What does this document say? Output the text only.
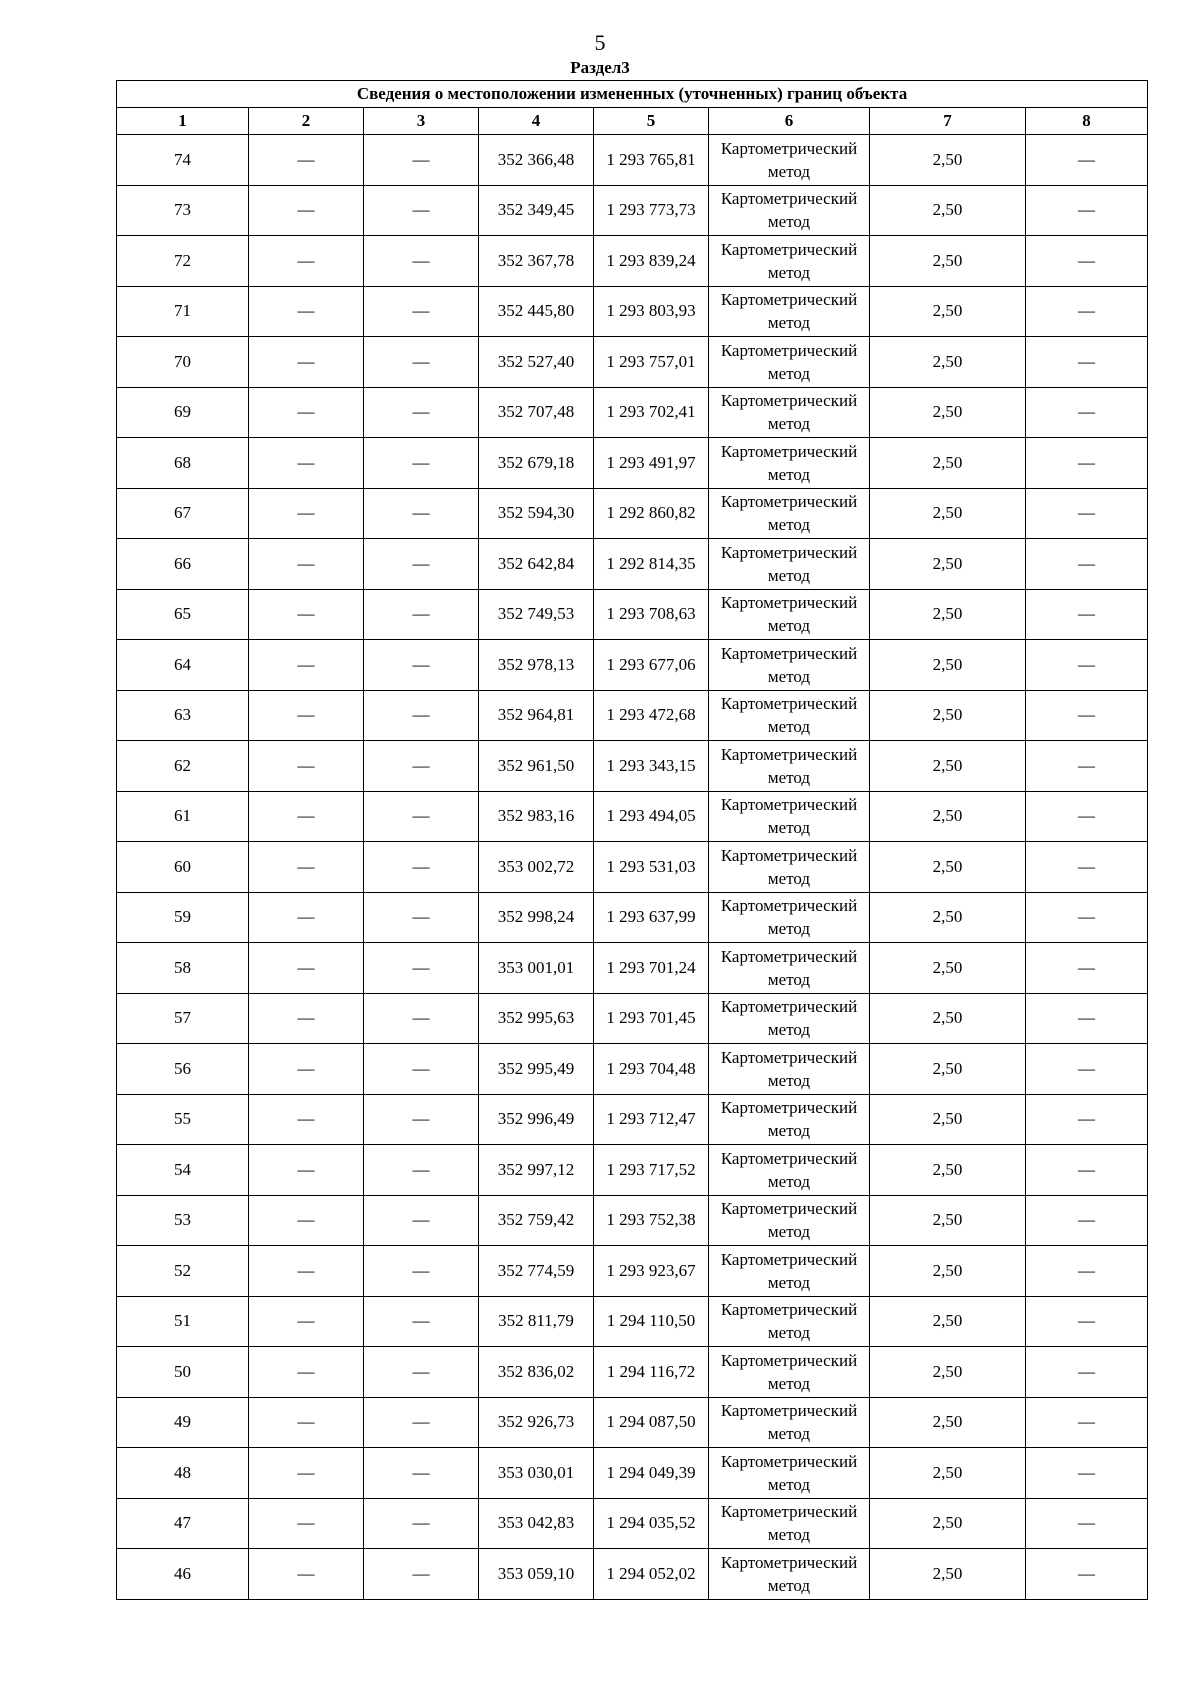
5
Раздел3
Сведения о местоположении измененных (уточненных) границ объекта							
1	2	3	4	5	6	7	8
74	—	—	352 366,48	1 293 765,81	Картометрический метод	2,50	—
73	—	—	352 349,45	1 293 773,73	Картометрический метод	2,50	—
72	—	—	352 367,78	1 293 839,24	Картометрический метод	2,50	—
71	—	—	352 445,80	1 293 803,93	Картометрический метод	2,50	—
70	—	—	352 527,40	1 293 757,01	Картометрический метод	2,50	—
69	—	—	352 707,48	1 293 702,41	Картометрический метод	2,50	—
68	—	—	352 679,18	1 293 491,97	Картометрический метод	2,50	—
67	—	—	352 594,30	1 292 860,82	Картометрический метод	2,50	—
66	—	—	352 642,84	1 292 814,35	Картометрический метод	2,50	—
65	—	—	352 749,53	1 293 708,63	Картометрический метод	2,50	—
64	—	—	352 978,13	1 293 677,06	Картометрический метод	2,50	—
63	—	—	352 964,81	1 293 472,68	Картометрический метод	2,50	—
62	—	—	352 961,50	1 293 343,15	Картометрический метод	2,50	—
61	—	—	352 983,16	1 293 494,05	Картометрический метод	2,50	—
60	—	—	353 002,72	1 293 531,03	Картометрический метод	2,50	—
59	—	—	352 998,24	1 293 637,99	Картометрический метод	2,50	—
58	—	—	353 001,01	1 293 701,24	Картометрический метод	2,50	—
57	—	—	352 995,63	1 293 701,45	Картометрический метод	2,50	—
56	—	—	352 995,49	1 293 704,48	Картометрический метод	2,50	—
55	—	—	352 996,49	1 293 712,47	Картометрический метод	2,50	—
54	—	—	352 997,12	1 293 717,52	Картометрический метод	2,50	—
53	—	—	352 759,42	1 293 752,38	Картометрический метод	2,50	—
52	—	—	352 774,59	1 293 923,67	Картометрический метод	2,50	—
51	—	—	352 811,79	1 294 110,50	Картометрический метод	2,50	—
50	—	—	352 836,02	1 294 116,72	Картометрический метод	2,50	—
49	—	—	352 926,73	1 294 087,50	Картометрический метод	2,50	—
48	—	—	353 030,01	1 294 049,39	Картометрический метод	2,50	—
47	—	—	353 042,83	1 294 035,52	Картометрический метод	2,50	—
46	—	—	353 059,10	1 294 052,02	Картометрический метод	2,50	—
